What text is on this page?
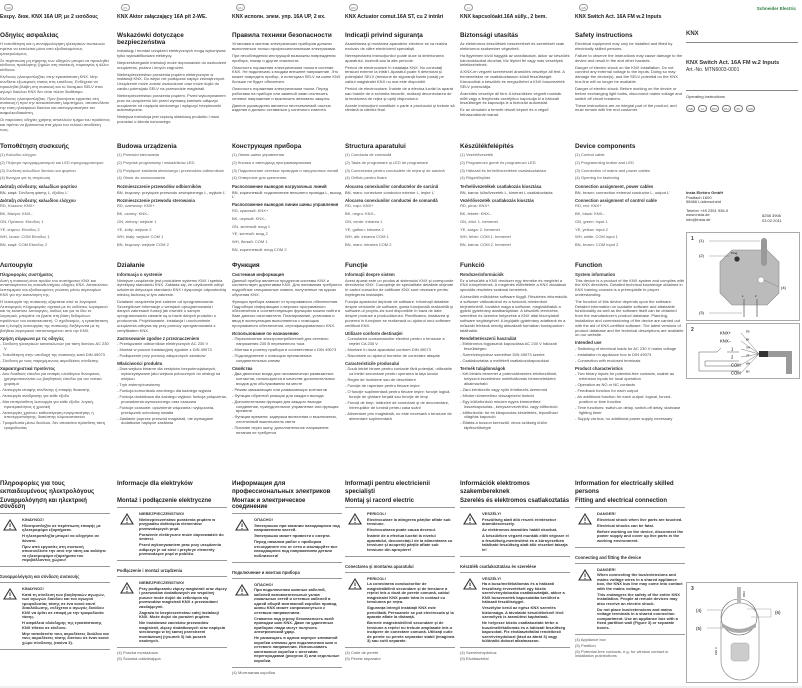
GR
Ενεργ. διακ. KNX 16A UP, με 2 εισόδους
Οδηγίες ασφαλείας
Η τοποθέτηση και η συναρμολόγηση ηλεκτρικών συσκευών πρέπει να εκτελείται μόνο από εξειδικευμένους ηλεκτρολόγους.
Σε περίπτωση μη τήρησης των οδηγιών μπορεί να προκληθεί κίνδυνος πρόκλησης ζημιών στη συσκευή, πυρκαγιάς ή άλλοι κίνδυνοι.
Κίνδυνος ηλεκτροπληξίας στην εγκατάσταση KNX. Μην συνδέετε εξωτερικές τάσεις στις εισόδους. Ενδέχεται να προκληθεί βλάβη στη συσκευή και το δυναμικό SELV στον αγωγό διαύλου KNX δεν είναι πλέον διαθέσιμο.
Κίνδυνος ηλεκτροπληξίας. Πριν ξεκινήσετε εργασίες στη συσκευή ή πριν την αντικατάσταση λαμπτήρων, αποσυνδέστε την τάση ηλεκτρικού δικτύου και απενεργοποιήστε τον ασφαλειοδιακόπτη.
Οι παρούσες οδηγίες χρήσης αποτελούν τμήμα του προϊόντος και πρέπει να βρίσκονται στα χέρια του τελικού αποδέκτη τους.
Τοποθέτηση συσκευής
(1) Καλώδιο ελέγχου
(2) Πλήκτρο προγραμματισμού και LED προγραμματισμού
(3) Σύνδεση καλωδίων δικτύου και φορτίου
(4) Άνοιγμα για τη στερέωση
Διάταξη σύνδεσης καλωδίων φορτίου
BN, καφέ: Σύνδεση φάσης L, έξοδος L'
Διάταξη σύνδεσης καλωδίου ελέγχου
RD, Κόκκινο: KNX+
BK, Μαύρο: KNX–
GN, Πράσινο: Είσοδος 1
YE, κίτρινο: Είσοδος 2
WH, λευκό: COM Είσοδος 1
BN, καφέ: COM Είσοδος 2
Λειτουργία
Πληροφορίες συστήματος
Αυτή η συσκευή είναι προϊόν του συστήματος KNX και ανταποκρίνεται τις κατευθυντήριες οδηγίες KNX. Απαιτούνται λεπτομερείς και εξειδικευμένες γνώσεις μέσω σεμιναρίων KNX για την κατανόηση της.
Η λειτουργία της συσκευής εξαρτάται από το λογισμικό. Λεπτομερείς πληροφορίες σχετικά με τις εκδόσεις λογισμικού και τις εκάστοτε λειτουργίες, καθώς και για το ίδιο το λογισμικό, μπορείτε να βρείτε στη βάση δεδομένων προϊόντων του κατασκευαστή. Ο σχεδιασμός, η εγκατάσταση και η έναρξη λειτουργίας της συσκευής διεξάγονται με τη βοήθεια λογισμικού πιστοποιημένου από την KNX.
Χρήση σύμφωνα με τις οδηγίες
- Σύνδεση ηλεκτρικών καταναλωτών για τάση δικτύου AC 230 V
- Τοποθέτηση στην υποδοχή της συσκευής κατά DIN 49073
- Σύνδεση με τους παρεχόμενους ακροδέκτες σύνδεσης
Χαρακτηριστικά προϊόντος
- Δύο δυαδικές είσοδοι για επαφές ελεύθερου δυναμικού, χρησιμοποιούνται ως βοηθητικές είσοδοι για τον τοπικό χειρισμό
- Λειτουργία επαφής σύνδεσης ή επαφής διακοπής
- Λειτουργία ανάδρασης για κάθε έξοδο
- Μια επιπρόσθετη λειτουργία για κάθε έξοδο: λογική, προτεραιότητας ή χρονική
- Λειτουργίες χρόνου: καθυστέρηση ενεργοποίησης ή απενεργοποίησης, διακόπτης κλιμακοστασίου
- Τροφοδοσία μέσω διαύλου, δεν απαιτείται πρόσθετη τάση τροφοδοσίας
Πληροφορίες για τους εκπαιδευμένους ηλεκτρολόγους
Συναρμολόγηση και ηλεκτρική σύνδεση
ΚΙΝΔΥΝΟΣ!
Ηλεκτροπληξία σε περίπτωση επαφής με ηλεκτροφόρα εξαρτήματα.
Η ηλεκτροπληξία μπορεί να οδηγήσει σε θάνατο.
Πριν από εργασίες στη συσκευή αποσυνδέστε την από την τάση και καλύψτε τα ηλεκτροφόρα εξαρτήματα του περιβάλλοντος χώρου!
Συναρμολόγηση και σύνδεση συσκευής
ΚΙΝΔΥΝΟΣ!
Κατά τη σύνδεση των βοηθητικών αγωγών, των αγωγών διαύλου και του αγωγού τροφοδοσίας τάσης σε ένα κοινό κουτί διακλάδωσης, ενδέχεται ο αγωγός διαύλου KNX να έρθει σε επαφή με την τροφοδοσία τάσης.
Η ασφάλεια ολόκληρης της εγκατάστασης KNX τίθεται σε κίνδυνο.
Μην τοποθετείτε τους ακροδέκτες διαύλου και τους ακροδέκτες τάσης δικτύου σε έναν κοινό χώρο σύνδεσης (εικόνα 3).
PL
KNX Aktor załączający 16A p/t 2-WE.
Wskazówki dotyczące bezpieczeństwa
Instalację i montaż urządzeń elektrycznych mogą wykonywać tylko wykwalifikowani elektrycy.
Nieprzestrzeganie instrukcji może doprowadzić do uszkodzeń urządzenia, pożaru i innych zagrożeń.
Niebezpieczeństwo porażenia prądem elektrycznym w instalacji KNX. Do wejść nie podłączać napięć zewnętrznych. Urządzenie może zostać uszkodzone oraz może dojść do zaniku potencjału SELV na przewodzie magistrali.
Niebezpieczeństwo porażenia prądem. Przed wykonywaniem prac na urządzeniu lub przed wymianą żarówek odłączyć urządzenie od napięcia sieciowego i wyłączyć bezpieczniki automatyczne.
Niniejsza instrukcja jest częścią składową produktu i musi pozostać u klienta końcowego.
Budowa urządzenia
(1) Przewód sterowania
(2) Przycisk programowy i wskaźników LED
(3) Przyłącze zasilania sieciowego i przewodów odbiorników
(4) Otwór do zamocowania
Rozmieszczenie przewodów odbiorników
BN, brązowy: przyłącze przewodu zewnętrznego L, wyjście L'
Rozmieszczenie przewodu sterowania
RD, czerwony: KNX+
BK, czarny: KNX–
GN, zielony: wejście 1
YE, żółty: wejście 2
WH, biały: wejście COM 1
BN, brązowy: wejście COM 2
Działanie
Informacja o systemie
Niniejsze urządzenie jest produktem systemu KNX i spełnia dyrektywy standardu KNX. Zakłada się, że użytkownik odbył szkolenia dotyczące standardu KNX i dysponuje odpowiednią wiedzą fachową w tym zakresie.
Działanie urządzenia jest zależne od oprogramowania. Szczegółowe informacje o wersjach oprogramowania i danych zakresach funkcji jak również o samym oprogramowaniu zawarte są w bazie danych produktu u producenta. Projektowanie, instalacja i uruchomienie urządzenia odbywa się przy pomocy oprogramowania z certyfikatem KNX.
Zastosowanie zgodne z przeznaczeniem
- Przełączanie odbiorników elektrycznych AC 230 V
- Montaż w puszce instalacyjnej zgodnie z DIN 49073
- Podłączenie przy pomocy załączonych zacisków
Właściwości produktu
- Dwa wejścia binarne dla zestyków bezpotencjałowych, wykorzystywane jako wejścia pobocznych do obsługi na miejscu
- Tryb zwierny/rozwierny
- Funkcja komunikatu zwrotnego dla każdego wyjścia
- Funkcja dodatkowa dla każdego wyjścia: funkcja połączenia, prowadzenia wymuszonego oraz czasowa
- Funkcje czasowe: opóźnienie włączania i wyłączania, przełącznik schodowy światła
- Zasilanie poprzez przewód magistrali, nie wymagane dodatkowe napięcie zasilania
Informacje dla elektryków
Montaż i podłączenie elektryczne
NIEBEZPIECZEŃSTWO!
Niebezpieczeństwo porażenia prądem w przypadku dotknięcia elementów przewodzących prąd.
Porażenie elektryczne może doprowadzić do śmierci.
Przed wykonywaniem prac przy urządzeniu odłączyć je od sieci i przykryć elementy przewodzące prąd w pobliżu.
Podłączenie i montaż urządzenia
NIEBEZPIECZEŃSTWO!
Przy podłączaniu złączy magistrali oraz złączy i przewodów dodatkowych we wspólnej puszce może dojść do zetknięcia się przewodów magistrali KNX z przewodami zasilającymi.
Zagraża to bezpieczeństwu całej instalacji KNX. Może dojść do porażeń prądem.
Nie instalować zacisków przewodów magistrali, złączy dodatkowych oraz napięcia sieciowego w tej samej przestrzeni montażowej (rysunek 3) lub puszek osobnych.
(4) Puszka montażowa
(5) Ścianka oddzielająca
RU
KNX исполн. элем. упр. 16A UP, 2 вх.
Правила техники безопасности
Установка и монтаж электрических приборов должны выполняться только профессиональными электриками.
При несоблюдении инструкций возможны повреждения прибора, пожар и другие опасности.
Опасность поражения электрическим током в системе KNX. Не подключать к входам внешнее напряжение. Это может повредить прибор, и потенциал SELV на шине KNX больше не будет обеспечен.
Опасность поражения электрическим током. Перед работами на приборе или заменой ламп отключить сетевое напряжение и выключить автоматы защиты.
Данное руководство является неотъемлемой частью изделия и должно оставаться у конечного клиента.
Конструкция прибора
(1) Линия шины управления
(2) Кнопка и светодиод программирования
(3) Подключение сетевых проводов и нагрузочных линий
(4) Отверстие для крепления
Расположение выводов нагрузочных линий
BN, коричневый: подключение внешнего провода L, выход L'
Расположение выводов линии шины управления
RD, красный: KNX+
BK, черный: KNX–
GN, зеленый: вход 1
YE, желтый: вход 2
WH, белый: COM 1
BN, коричневый: вход COM 2
Функция
Системная информация
Данный прибор является продуктом системы KNX и соответствует директивам KNX. Для понимания требуются подробные специальные знания, полученные на курсах обучения KNX.
Функция прибора зависит от программного обеспечения. Подробную информацию о версиях программного обеспечения и соответствующих функциях можно найти в базе данных изготовителя. Планирование, установка и ввод в эксплуатацию выполняются с помощью программного обеспечения, сертифицированного KNX.
Использование по назначению
- Переключение электропотребителей для сетевого напряжения 230 В переменного тока
- Монтаж в розетку прибора в соответствии с DIN 49073
- Подсоединение с помощью прилагаемых соединительных клемм
Свойства
- Два двоичных входа для гальванически развязанных контактов, используются в качестве дополнительных входов для обслуживания на месте
- Режим замыкающих или размыкающих контактов
- Функция обратной реакции для каждого выхода
- Дополнительная функция для каждого выхода: соединение, принудительное управление или функция времени
- Функции времени: задержка включения и выключения, лестничный выключатель света
- Питание через шину, дополнительное напряжение питания не требуется
Информация для профессиональных электриков
Монтаж и электрическое соединение
ОПАСНО!
Электрошок при касании находящихся под напряжением частей.
Электрошок может привести к смерти.
Перед началом работ с прибором отсоедините его от сети и изолируйте все находящиеся под напряжением детали поблизости!
Подключение и монтаж прибора
ОПАСНО!
При подключении шинных кабелей, кабелей вспомогательных узлов локальных сетей и сетевых кабелей в одной общей монтажной коробке провод шины KNX может соприкоснуться с сетевым напряжением.
Ставится под угрозу безопасность всей проводки шин KNX. Даже на удаленных приборах люди могут получить электрический удар.
Не размещать в одном корпусе клеммной коробки клеммы для подключения шин и сетевого напряжения. Использовать монтажные коробки с жесткими перегородками (рисунок 3) или отдельные коробки.
(4) Монтажная коробка
RO
KNX Actuator comut.16A ST, cu 2 intrări
Indicaţii privind siguranţa
Asamblarea şi montarea aparatelor electrice se va realiza exclusiv de către electricienii specialişti.
Nerespectarea instrucţiunilor poate duce la deteriorarea aparatului, incendii sau la alte pericole.
Pericol de electrocutare în instalaţia KNX. Nu conectaţi tensiuni externe la intrări. Aparatul poate fi deteriorat şi potenţialul SELV (tensiune de siguranţă foarte joasă) pe cablul magistralei KNX nu mai este disponibil.
Pericol de electrocutare. Înainte de a efectua lucrări la aparat sau înainte de a schimba becurile, realizaţi deconectarea de la tensiunea de reţea şi opriţi disjunctorul.
Aceste instrucţiuni constituie o parte a produsului şi trebuie să rămână la clientul final.
Structura aparatului
(1) Conducta de comandă
(2) Tasta de programare şi LED de programare
(3) Conexiunea pentru conductele de reţea şi de sarcină
(4) Orificiu pentru fixare
Alocarea conexiunilor conductelor de sarcină
BN, maro: conexiune conductor exterior L, ieşire L'
Alocarea conexiunilor conductei de comandă
RD, roşu: KNX+
BK, negru: KNX–
GN, verde: intrarea 1
YE, galben: intrarea 2
WH, alb: intrarea COM 1
BN, maro: intrarea COM 2
Funcţie
Informaţii despre sistem
Acest aparat este un produs al sistemului KNX şi corespunde directivelor KNX. Cunoştinţe de specialitate detaliate obţinute în cadrul cursurilor de calificare KNX sunt necesare pentru înţelegerea instalaţiei.
Funcţia aparatului depinde de software. Informaţii detaliate despre versiunile de software, gama funcţională realizabilă şi software-ul propriu-zis sunt disponibile în baza de date despre produse a producătorului. Planificarea, instalarea şi punerea în funcţiune se realizează cu ajutorul unui software certificat KNX.
Utilizare conform destinaţiei
- Comutarea consumatorilor electrici pentru o tensiune a reţelei CA 230 V
- Montare în doza aparatului conform DIN 49073
- Racordare cu ajutorul bornelor de conectare ataşate
Caracteristicile produsului
- Două intrări binare pentru contacte fără potenţial, utilizabile ca intrări secundare pentru operarea la faţa locului
- Regim de închidere sau de deschidere
- Funcţie de raportare pentru fiecare ieşire
- O funcţie suplimentară pentru fiecare ieşire: funcţie logică, funcţie de ghidare forţată sau funcţie de timp
- Funcţii de timp: întârzieri de conectare şi de deconectare, întrerupător de lumină pentru casa scării
- Alimentare prin magistrală, nu este necesară o tensiune de alimentare suplimentară
Informaţii pentru electricienii specialişti
Montaj şi racord electric
PERICOL!
Electrocutare la atingerea părţilor aflate sub tensiune.
Electrocutarea poate cauza decesul.
Înainte de a efectua lucrări la nivelul aparatului, deconectaţi-l de la alimentarea cu tensiune şi acoperiţi părţile aflate sub tensiune din apropiere!
Conectarea şi montarea aparatului
PERICOL!
La conectarea conductorilor de magistrală/linii secundare şi de tensiune a reţelei într-o doză de perete comună, cablul magistralei KNX poate intra în contact cu tensiunea pe reţea.
Siguranţa întregii instalaţii KNX este periclitată. Persoanele se pot electrocuta şi la aparate aflate la distanţă.
Bornele magistralei/linii secundare şi de tensiune a reţelei nu trebuie amplasate într-o încăpere de conectare comună. Utilizaţi cutie de perete cu perete separator stabil (imaginea 3) sau cutii separate.
(4) Cutie de perete
(5) Perete separator
H
KNX kapcsolóakt.16A sülly., 2 bem.
Biztonsági utasítás
Az elektromos készülékek beszerelését és szerelését csak elektromos szakember végezheti.
Ha figyelmen kívül hagyják az utasításokat, akkor az készülék károsodásokat okozhat, tűz léphet fel vagy más veszélyek keletkezhetnek.
A KNX-en végzett szerelésnél áramütés veszélye áll fent. A bemenetekre ne csatlakoztasson külső feszültséget. Károsodhat a készülék és megszűnhet a KNX buszvezeték SELV potenciálja.
Áramütés veszélye áll fent. A készüléken végzett munkák előtt vagy a fényforrás cseréjekor kapcsolja ki a hálózati feszültséget és kapcsolja le a biztosító automatát.
Ez az útmutató a termék részét képezi és a végső felhasználónál marad.
Készülékfelépítés
(1) Vezérlővezeték
(2) Programozó gomb és programozó LED
(3) Hálózati és terhelővezetékek csatlakoztatása
(4) Rögzítőnyílás
Terhelővezetékek csatlakozás kiosztása
BN, barna: külsővezeték L, kimenet L csatlakoztatás
Vezérlővezeték csatlakozás kiosztás
RD, piros: KNX+
BK, fekete: KNX–
GN, zöld: 1. bemenet
YE, sárga: 2. bemenet
WH, fehér: COM 1. bemenet
BN, barna: COM 2. bemenet
Funkció
Rendszerinformációk
Ez a készülék a KNX rendszer egy terméke és megfelel a KNX irányelveinek. A megértés előfeltétele a KNX oktatások speciális részletes szakmai ismeretek.
A készülék működése software függő. Részletes információk a software változatokról és a funkciók mindenkori terjedelméről, továbbá maga a software, megtalálhatók a gyártó gyártmány adatbankjában. A készülék tervezése, szerelése és üzembe helyezése a KNX által bizonylatolt software segítségével. A legújabb gyártmány adatbank és a műszaki leírások mindig aktualizált formában honlapunkon találhatók.
Rendeltetésszerű használat
- Elektromos fogyasztók kapcsolása AC 230 V hálózati feszültségen
- Szerelvénydoboz szerelése DIN 49073 szerint
- Csatlakoztatás a mellékelt csatlakozókapcsokkal
Termék tulajdonságok
- Két bináris bemenet a potenciálmentes érintkezőknél, helyszíni kezeléshez mellékállomás bemenetekként alkalmazható
- Záró érintkezős vagy nyitó érintkezős üzemmód
- Minden kimenethez visszajelzési funkció
- Egy különfunkció minden egyes kimenethez: összekapcsolás-, kényszervezérlési- vagy időfunkció
- Időfunkciók: be és kikapcsolás késleltetés, lépcsőházi világítás kapcsoló
- Ellátás a buszon keresztül, nincs szükség külön tápfeszültségre
Információk elektromos szakembereknek
Szerelés és elektromos csatlakoztatás
VESZÉLY!
Feszültség alatt álló részek érintésekor áramütésveszély.
Az elektromos áramütés halált okozhat.
A készüléken végzett munkák előtt végezze el a feszültség-mentesítést és a környezetben található feszültség alatt álló részeket takarja le!
Készülék csatlakoztatása és szerelése
VESZÉLY!
Ha a busz/mellékállomás és a hálózati feszültség érvezetékeit egy közös szerelvénydobozba csatlakoztatják, akkor a KNX buszvezeték kapcsolatba kerülhet a hálózati feszültséggel.
Veszélybe kerül az egész KNX szerelés biztonsága. A távolabbi készülékeknél lévő személyek is áramütést kaphatnak.
Ne helyezze közös csatlakoztató térbe a busz/mellékállomás és a hálózati feszültség kapcsokat. Fix elválasztófallal rendelkező szerelvénydobozt (lásd az ábrát 3) vagy különálló dobozt alkalmazzon.
(4) Szerelvénydoboz
(5) Elválasztófal
GB
KNX Switch Act. 16A FM w.2 Inputs
Safety instructions
Electrical equipment may only be installed and fitted by electrically skilled persons.
Failure to observe the instructions may cause damage to the device and result in fire and other hazards.
Danger of electric shock on the KNX installation. Do not connect any external voltage to the inputs. Doing so may damage the device(s), and the SELV potential on the KNX bus line will no longer be available.
Danger of electric shock. Before working on the device or before exchanging light bulbs, disconnect mains voltage and switch off circuit breakers.
These instructions are an integral part of the product, and must remain with the end customer.
Device components
(1) Control cable
(2) Programming button and LED
(3) Connection of mains and power cables
(4) Opening for fastening
Connection assignment, power cables
BN, brown: connection external conductor L, output L'
Connection assignment of control cable
RD, red: KNX+
BK, black: KNX–
GN, green: input 1
YE, yellow: input 2
WH, white: COM input 1
BN, brown: COM input 2
Function
System information
This device is a product of the KNX system and complies with the KNX directives. Detailed technical knowledge obtained in KNX training courses is a prerequisite to proper understanding.
The function of this device depends upon the software. Detailed information on loadable software and attainable functionality as well as the software itself can be obtained from the manufacturer's product database. Planning, installation and commissioning of the device are carried out with the aid of KNX-certified software. The latest versions of product database and the technical descriptions are available on our website.
Intended use
- Switching of electrical loads for AC 230 V mains voltage
- Installation in appliance box to DIN 49073
- Connection with enclosed terminals
Product characteristics
- Two binary inputs for potential-free contacts, usable as extension inputs for local operation
- Operation as NO or NC contacts
- Feedback function for each output
- An additional function for each output: logical, forced-position or time function
- Time functions: switch-on delay, switch-off delay, staircase lighting timer
- Supply via bus, no additional power supply necessary
Information for electrically skilled persons
Fitting and electrical connection
DANGER!
Electrical shock when live parts are touched.
Electrical shocks can be fatal.
Before working on the device, disconnect the power supply and cover up live parts in the working environment.
Connecting and fitting the device
DANGER!
When connecting the bus/extensions and mains voltage wires in a shared appliance box, the KNX bus line may come into contact with the mains voltage.
This endangers the safety of the entire KNX installation. People at remote devices may also receive an electric shock.
Do not place bus/extensions and mains voltage terminals in a shared connection compartment. Use an appliance box with a fixed partition wall (Figure 3) or separate boxes.
(4) Appliance box
(5) Partition
(6) Potential-free contacts, e.g. for window contact or installation pushbuttons
Schneider Electric
KNX
KNX Switch Act. 16A FM w.2 Inputs
Art.-No. MTN6003-0001
Operating instructions
GB	H	RO	RU	PL	GR
Insta Elektro GmbH
Postfach 1600
58466 Lüdenscheid
Telefon +49 2351 936-0
www.insta.de
info@insta.de
8258 3906
03.02.2011
1 (1)
(2)
(3)
(4)
Prog
L	L'
2	KNX+	RD
KNX−	BK
1	GN
2	YE
COM WH
COM BN
3
(4)
(5)
(6)
230 V
KNX
